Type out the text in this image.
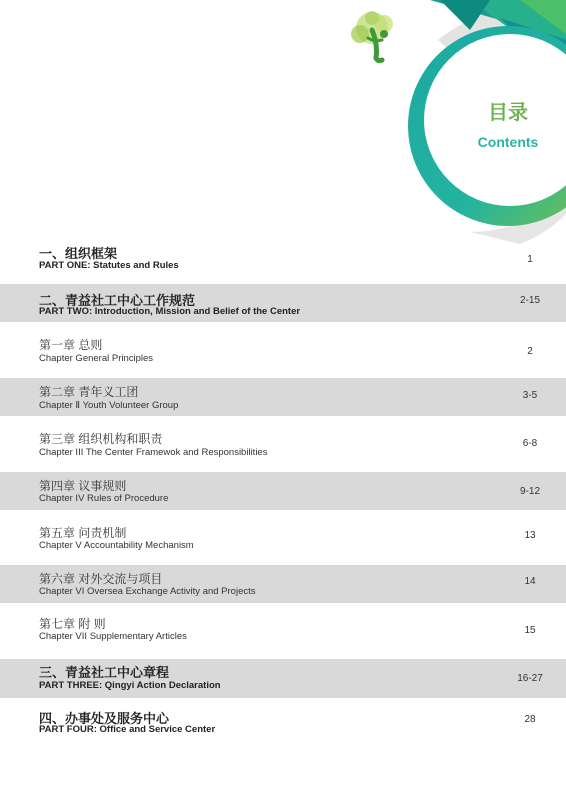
目录
Contents
一、组织框架
PART ONE: Statutes and Rules
1
二、青益社工中心工作规范
PART TWO: Introduction, Mission and Belief of the Center
2-15
第一章 总则
Chapter General Principles
2
第二章 青年义工团
Chapter Ⅱ Youth Volunteer Group
3-5
第三章 组织机构和职责
Chapter III The Center Framewok and Responsibilities
6-8
第四章 议事规则
Chapter IV Rules of Procedure
9-12
第五章 问责机制
Chapter V Accountability Mechanism
13
第六章 对外交流与项目
Chapter VI Oversea Exchange Activity and Projects
14
第七章 附 则
Chapter VII Supplementary Articles
15
三、青益社工中心章程
PART THREE: Qingyi Action Declaration
16-27
四、办事处及服务中心
PART FOUR: Office and Service Center
28
